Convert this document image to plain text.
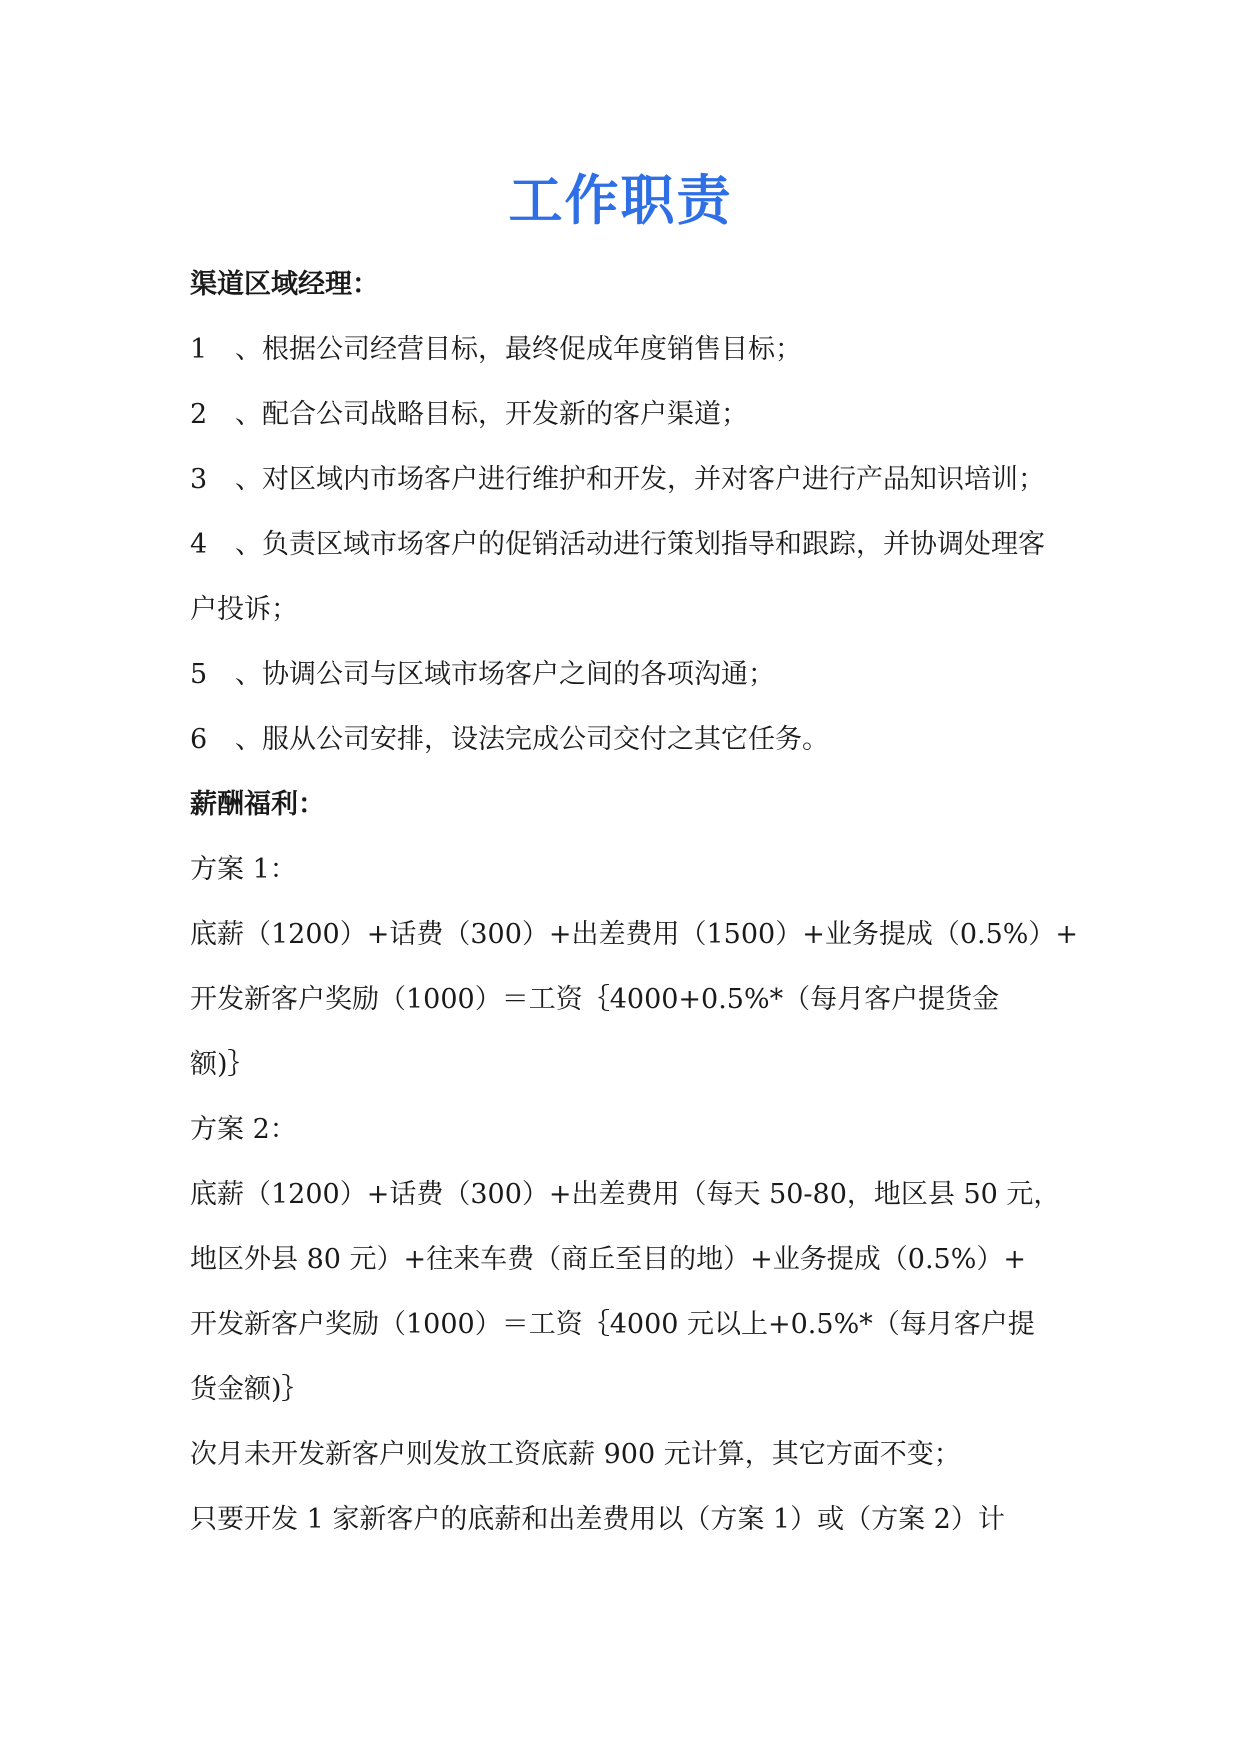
工作职责
渠道区域经理：
1 、根据公司经营目标，最终促成年度销售目标；
2 、配合公司战略目标，开发新的客户渠道；
3 、对区域内市场客户进行维护和开发，并对客户进行产品知识培训；
4 、负责区域市场客户的促销活动进行策划指导和跟踪，并协调处理客户投诉；
5 、协调公司与区域市场客户之间的各项沟通；
6 、服从公司安排，设法完成公司交付之其它任务。
薪酬福利：
方案 1：
底薪（1200）+话费（300）+出差费用（1500）+业务提成（0.5%）+
开发新客户奖励（1000）＝工资｛4000+0.5%*（每月客户提货金
额)｝
方案 2：
底薪（1200）+话费（300）+出差费用（每天 50-80，地区县 50 元，
地区外县 80 元）+往来车费（商丘至目的地）+业务提成（0.5%）+
开发新客户奖励（1000）＝工资｛4000 元以上+0.5%*（每月客户提
货金额)｝
次月未开发新客户则发放工资底薪 900 元计算，其它方面不变；
只要开发 1 家新客户的底薪和出差费用以（方案 1）或（方案 2）计
